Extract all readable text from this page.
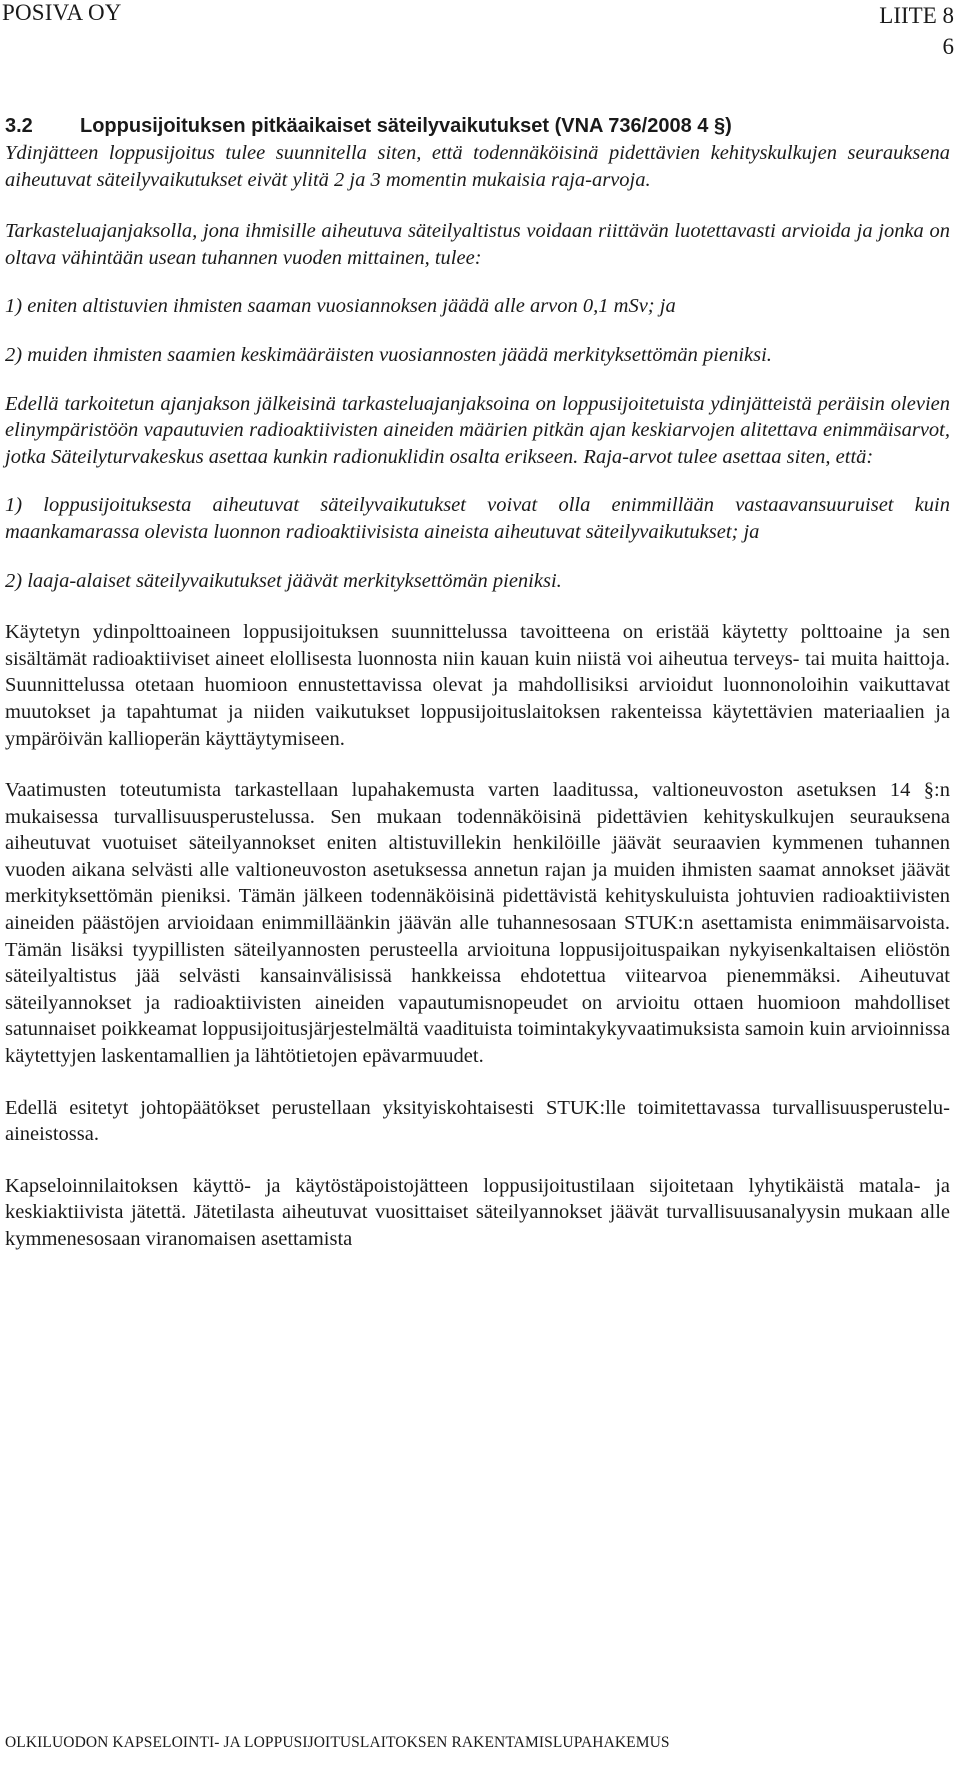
POSIVA OY	LIITE 8
6
3.2 Loppusijoituksen pitkäaikaiset säteilyvaikutukset (VNA 736/2008 4 §)

Ydinjätteen loppusijoitus tulee suunnitella siten, että todennäköisinä pidettävien kehityskulkujen seurauksena aiheutuvat säteilyvaikutukset eivät ylitä 2 ja 3 momentin mukaisia raja-arvoja.

Tarkasteluajanjaksolla, jona ihmisille aiheutuva säteilyaltistus voidaan riittävän luotettavasti arvioida ja jonka on oltava vähintään usean tuhannen vuoden mittainen, tulee:

1) eniten altistuvien ihmisten saaman vuosiannoksen jäädä alle arvon 0,1 mSv; ja

2) muiden ihmisten saamien keskimääräisten vuosiannosten jäädä merkityksettömän pieniksi.

Edellä tarkoitetun ajanjakson jälkeisinä tarkasteluajanjaksoina on loppusijoitetuista ydinjätteistä peräisin olevien elinympäristöön vapautuvien radioaktiivisten aineiden määrien pitkän ajan keskiarvojen alitettava enimmäisarvot, jotka Säteilyturvakeskus asettaa kunkin radionuklidin osalta erikseen. Raja-arvot tulee asettaa siten, että:

1) loppusijoituksesta aiheutuvat säteilyvaikutukset voivat olla enimmillään vastaavansuuruiset kuin maankamarassa olevista luonnon radioaktiivisista aineista aiheutuvat säteilyvaikutukset; ja

2) laaja-alaiset säteilyvaikutukset jäävät merkityksettömän pieniksi.

Käytetyn ydinpolttoaineen loppusijoituksen suunnittelussa tavoitteena on eristää käytetty polttoaine ja sen sisältämät radioaktiiviset aineet elollisesta luonnosta niin kauan kuin niistä voi aiheutua terveys- tai muita haittoja. Suunnittelussa otetaan huomioon ennustettavissa olevat ja mahdollisiksi arvioidut luonnonoloihin vaikuttavat muutokset ja tapahtumat ja niiden vaikutukset loppusijoituslaitoksen rakenteissa käytettävien materiaalien ja ympäröivän kallioperän käyttäytymiseen.

Vaatimusten toteutumista tarkastellaan lupahakemusta varten laaditussa, valtioneuvoston asetuksen 14 §:n mukaisessa turvallisuusperustelussa. Sen mukaan todennäköisinä pidettävien kehityskulkujen seurauksena aiheutuvat vuotuiset säteilyannokset eniten altistuvillekin henkilöille jäävät seuraavien kymmenen tuhannen vuoden aikana selvästi alle valtioneuvoston asetuksessa annetun rajan ja muiden ihmisten saamat annokset jäävät merkityksettömän pieniksi. Tämän jälkeen todennäköisinä pidettävistä kehityskuluista johtuvien radioaktiivisten aineiden päästöjen arvioidaan enimmilläänkin jäävän alle tuhannesosaan STUK:n asettamista enimmäisarvoista. Tämän lisäksi tyypillisten säteilyannosten perusteella arvioituna loppusijoituspaikan nykyisenkaltaisen eliöstön säteilyaltistus jää selvästi kansainvälisissä hankkeissa ehdotettua viitearvoa pienemmäksi. Aiheutuvat säteilyannokset ja radioaktiivisten aineiden vapautumisnopeudet on arvioitu ottaen huomioon mahdolliset satunnaiset poikkeamat loppusijoitusjärjestelmältä vaadituista toimintakykyvaatimuksista samoin kuin arvioinnissa käytettyjen laskentamallien ja lähtötietojen epävarmuudet.

Edellä esitetyt johtopäätökset perustellaan yksityiskohtaisesti STUK:lle toimitettavassa turvallisuusperustelu-aineistossa.

Kapseloinnilaitoksen käyttö- ja käytöstäpoistojätteen loppusijoitustilaan sijoitetaan lyhytikäistä matala- ja keskiaktiivista jätettä. Jätetilasta aiheutuvat vuosittaiset säteilyannokset jäävät turvallisuusanalyysin mukaan alle kymmenesosaan viranomaisen asettamista

OLKILUODON KAPSELOINTI- JA LOPPUSIJOITUSLAITOKSEN RAKENTAMISLUPAHAKEMUS
